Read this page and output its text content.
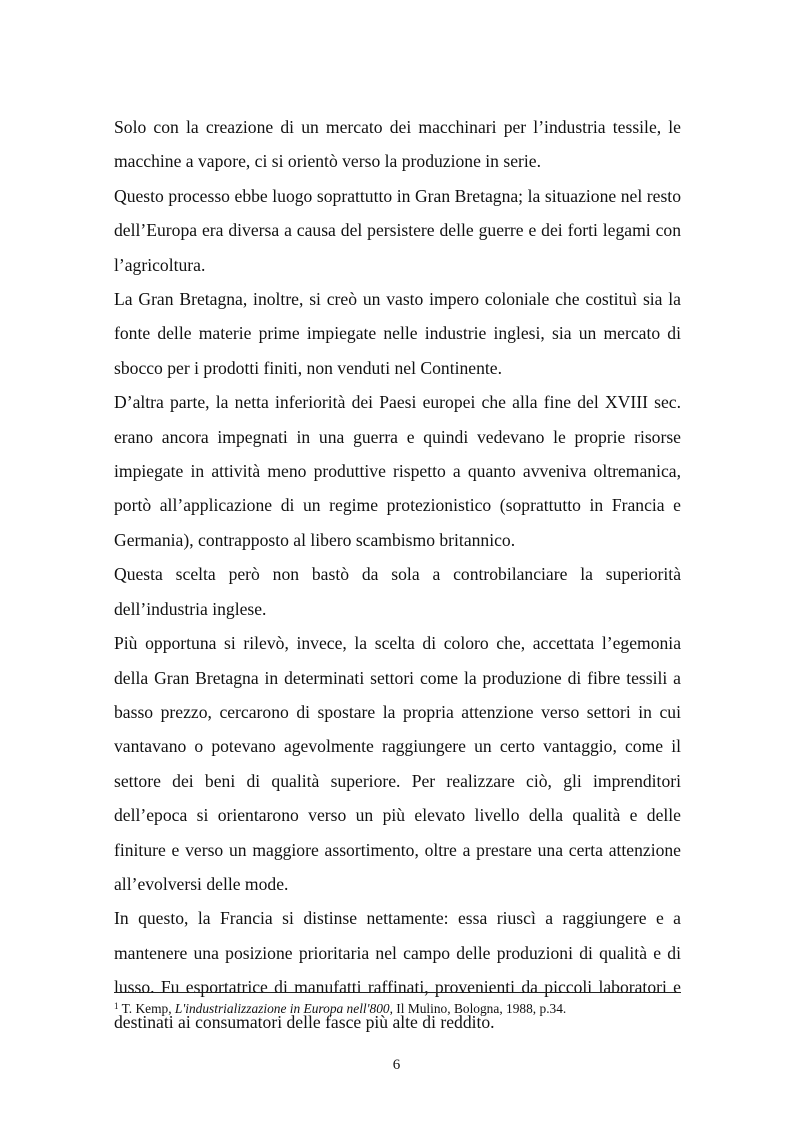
Solo con la creazione di un mercato dei macchinari per l’industria tessile, le macchine a vapore, ci si orientò verso la produzione in serie.

Questo processo ebbe luogo soprattutto in Gran Bretagna; la situazione nel resto dell’Europa era diversa a causa del persistere delle guerre e dei forti legami con l’agricoltura.

La Gran Bretagna, inoltre, si creò un vasto impero coloniale che costituì sia la fonte delle materie prime impiegate nelle industrie inglesi, sia un mercato di sbocco per i prodotti finiti, non venduti nel Continente.

D’altra parte, la netta inferiorità dei Paesi europei che alla fine del XVIII sec. erano ancora impegnati in una guerra e quindi vedevano le proprie risorse impiegate in attività meno produttive rispetto a quanto avveniva oltremanica, portò all’applicazione di un regime protezionistico (soprattutto in Francia e Germania), contrapposto al libero scambismo britannico.

Questa scelta però non bastò da sola a controbilanciare la superiorità dell’industria inglese.

Più opportuna si rilevò, invece, la scelta di coloro che, accettata l’egemonia della Gran Bretagna in determinati settori come la produzione di fibre tessili a basso prezzo, cercarono di spostare la propria attenzione verso settori in cui vantavano o potevano agevolmente raggiungere un certo vantaggio, come il settore dei beni di qualità superiore. Per realizzare ciò, gli imprenditori dell’epoca si orientarono verso un più elevato livello della qualità e delle finiture e verso un maggiore assortimento, oltre a prestare una certa attenzione all’evolversi delle mode.

In questo, la Francia si distinse nettamente: essa riuscì a raggiungere e a mantenere una posizione prioritaria nel campo delle produzioni di qualità e di lusso. Fu esportatrice di manufatti raffinati, provenienti da piccoli laboratori e destinati ai consumatori delle fasce più alte di reddito.

$^1$ T. Kemp, L'industrializzazione in Europa nell'800, Il Mulino, Bologna, 1988, p.34.
6
